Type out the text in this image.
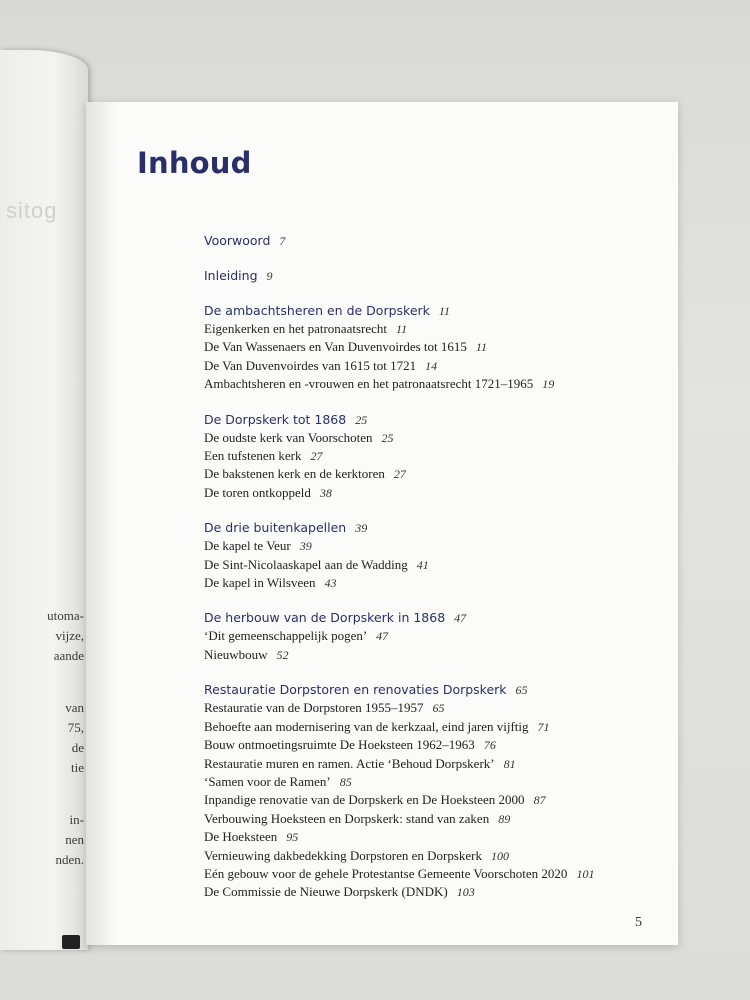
sitog
utoma-
vijze,
aande
van
75,
de
tie
in-
nen
nden.
Inhoud
Voorwoord 7
Inleiding 9
De ambachtsheren en de Dorpskerk 11
Eigenkerken en het patronaatsrecht 11
De Van Wassenaers en Van Duvenvoirdes tot 1615 11
De Van Duvenvoirdes van 1615 tot 1721 14
Ambachtsheren en -vrouwen en het patronaatsrecht 1721–1965 19
De Dorpskerk tot 1868 25
De oudste kerk van Voorschoten 25
Een tufstenen kerk 27
De bakstenen kerk en de kerktoren 27
De toren ontkoppeld 38
De drie buitenkapellen 39
De kapel te Veur 39
De Sint-Nicolaaskapel aan de Wadding 41
De kapel in Wilsveen 43
De herbouw van de Dorpskerk in 1868 47
‘Dit gemeenschappelijk pogen’ 47
Nieuwbouw 52
Restauratie Dorpstoren en renovaties Dorpskerk 65
Restauratie van de Dorpstoren 1955–1957 65
Behoefte aan modernisering van de kerkzaal, eind jaren vijftig 71
Bouw ontmoetingsruimte De Hoeksteen 1962–1963 76
Restauratie muren en ramen. Actie ‘Behoud Dorpskerk’ 81
‘Samen voor de Ramen’ 85
Inpandige renovatie van de Dorpskerk en De Hoeksteen 2000 87
Verbouwing Hoeksteen en Dorpskerk: stand van zaken 89
De Hoeksteen 95
Vernieuwing dakbedekking Dorpstoren en Dorpskerk 100
Eén gebouw voor de gehele Protestantse Gemeente Voorschoten 2020 101
De Commissie de Nieuwe Dorpskerk (DNDK) 103
5
